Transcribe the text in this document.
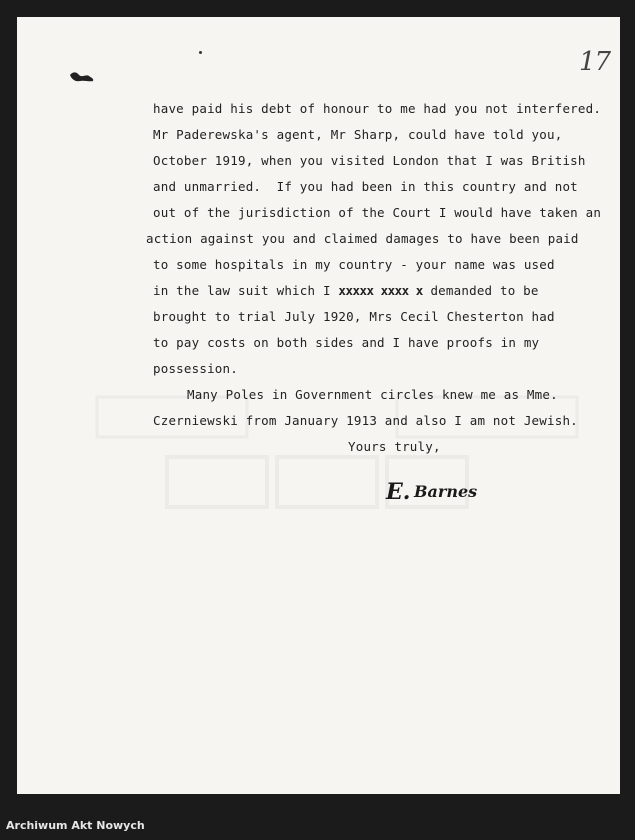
17
have paid his debt of honour to me had you not interfered.
Mr Paderewska's agent, Mr Sharp, could have told you,
October 1919, when you visited London that I was British
and unmarried.  If you had been in this country and not
out of the jurisdiction of the Court I would have taken an
action against you and claimed damages to have been paid
to some hospitals in my country - your name was used
in the law suit which I xxxxx xxxx x demanded to be
brought to trial July 1920, Mrs Cecil Chesterton had
to pay costs on both sides and I have proofs in my
possession.
Many Poles in Government circles knew me as Mme.
Czerniewski from January 1913 and also I am not Jewish.
Yours truly,
E. Barnes
Archiwum Akt Nowych
